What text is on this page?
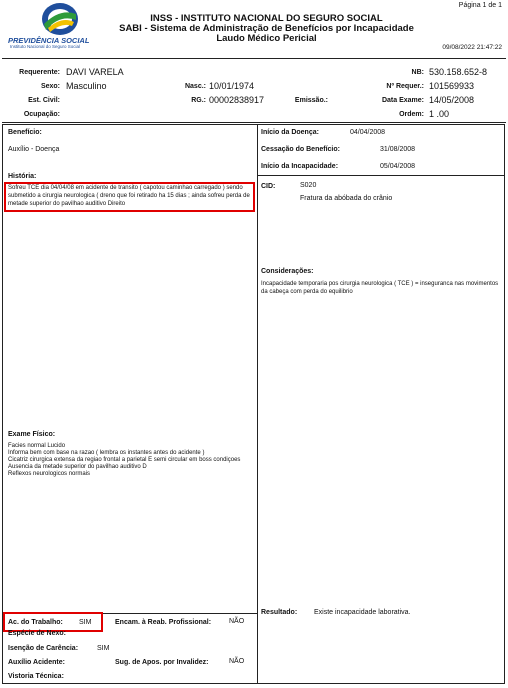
PREVIDÊNCIA SOCIAL
Instituto Nacional do Seguro Social
Página 1 de 1
INSS - INSTITUTO NACIONAL DO SEGURO SOCIAL
SABI - Sistema de Administração de Benefícios por Incapacidade
Laudo Médico Pericial
09/08/2022 21:47:22
Requerente: DAVI VARELA
Sexo: Masculino
Est. Civil:
Ocupação:
Nasc.: 10/01/1974
RG.: 00002838917	Emissão.:
NB: 530.158.652-8
Nº Requer.: 101569933
Data Exame: 14/05/2008
Ordem: 1 .00
Benefício:
Auxílio - Doença
História:
Sofreu TCE dia 04/04/08 em acidente de transito ( capotou caminhao carregado ) sendo submetido a cirurgia neurologica ( dreno que foi retirado ha 15 dias ; ainda sofreu perda de metade superior do pavilhao auditivo Direito
Exame Físico:
Facies normal Lucido
Informa bem com base na razao ( lembra os instantes antes do acidente )
Cicatriz cirurgica extensa da regiao frontal a parietal E semi circular em boss condiçoes
Ausencia da metade superior do pavilhao auditivo D
Reflexos neurologicos normais
Início da Doença:	04/04/2008
Cessação do Benefício:	31/08/2008
Início da Incapacidade:	05/04/2008
CID:	S020
Fratura da abóbada do crânio
Considerações:
Incapacidade temporaria pos cirurgia neurologica ( TCE ) = inseguranca nas movimentos da cabeça com perda do equilibrio
Resultado: Existe incapacidade laborativa.
Ac. do Trabalho: SIM	Encam. à Reab. Profissional:	NÃO
Espécie de Nexo:
Isenção de Carência:	SIM
Auxílio Acidente:	Sug. de Apos. por Invalidez:	NÃO
Vistoria Técnica:
